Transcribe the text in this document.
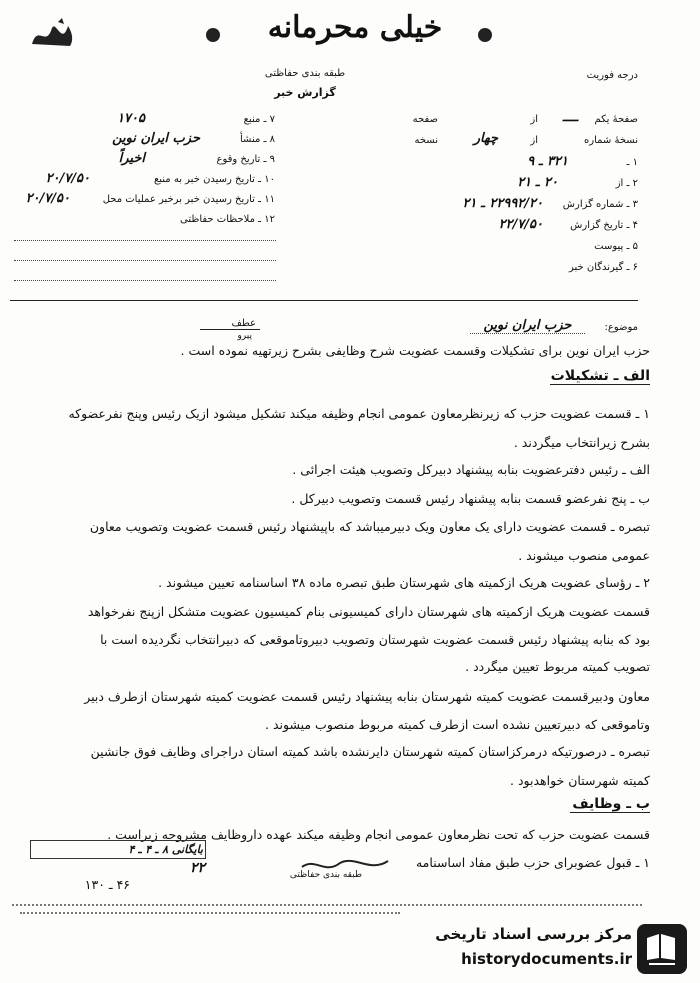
خیلی محرمانه
درجه فوریت
طبقه بندی حفاظتی
گزارش خبر
۷ ـ منبع
۱۷۰۵
۸ ـ منشأ
حزب ایران نوین
۹ ـ تاریخ وقوع
اخیراً
۱۰ ـ تاریخ رسیدن خبر به منبع
۲۰/۷/۵۰
۱۱ ـ تاریخ رسیدن خبر برخبر عملیات محل
۲۰/۷/۵۰
۱۲ ـ ملاحظات حفاظتی
صفحهٔ یکم
از ــــ
صفحه
نسخهٔ شماره
از
چهار
نسخه
۱ ـ
۳۲۱ ـ ۹
۲ ـ از
۲۰ ـ ۲۱
۳ ـ شماره گزارش
۲۲۹۹۲/۲۰ ـ ۲۱
۴ ـ تاریخ گزارش
۲۲/۷/۵۰
۵ ـ پیوست
۶ ـ گیرندگان خبر
عطف
پیرو
موضوع:
حزب ایران نوین
حزب ایران نوین برای تشکیلات وقسمت عضویت شرح وظایفی بشرح زیرتهیه نموده است .
الف ـ تشکیلات
۱ ـ قسمت عضویت حزب که زیرنظرمعاون عمومی انجام وظیفه میکند تشکیل میشود ازیک رئیس وپنج نفرعضوکه
بشرح زیرانتخاب میگردند .
الف ـ رئیس دفترعضویت بنابه پیشنهاد دبیرکل وتصویب هیئت اجرائی .
ب ـ پنج نفرعضو قسمت بنابه پیشنهاد رئیس قسمت وتصویب دبیرکل .
تبصره ـ قسمت عضویت دارای یک معاون ویک دبیرمیباشد که باپیشنهاد رئیس قسمت عضویت وتصویب معاون
عمومی منصوب میشوند .
۲ ـ رؤسای عضویت هریک ازکمیته های شهرستان طبق تبصره ماده ۳۸ اساسنامه تعیین میشوند .
قسمت عضویت هریک ازکمیته های شهرستان دارای کمیسیونی بنام کمیسیون عضویت متشکل ازپنج نفرخواهد
بود که بنابه پیشنهاد رئیس قسمت عضویت شهرستان وتصویب دبیروتاموقعی که دبیرانتخاب نگردیده است با
تصویب کمیته مربوط تعیین میگردد .
معاون ودبیرقسمت عضویت کمیته شهرستان بنابه پیشنهاد رئیس قسمت عضویت کمیته شهرستان ازطرف دبیر
وتاموقعی که دبیرتعیین نشده است ازطرف کمیته مربوط منصوب میشوند .
تبصره ـ درصورتیکه درمرکزاستان کمیته شهرستان دایرنشده باشد کمیته استان دراجرای وظایف فوق جانشین
کمیته شهرستان خواهدبود .
ب ـ وظایف
قسمت عضویت حزب که تحت نظرمعاون عمومی انجام وظیفه میکند عهده داروظایف مشروحه زیراست .
بایگانی ۸ ـ ۴ ـ ۴
۲۲	۱ ـ قبول عضوبرای حزب طبق مفاد اساسنامه
طبقه بندی حفاظتی
۴۶ ـ ۱۳۰
مرکز بررسی اسناد تاریخی
historydocuments.ir
